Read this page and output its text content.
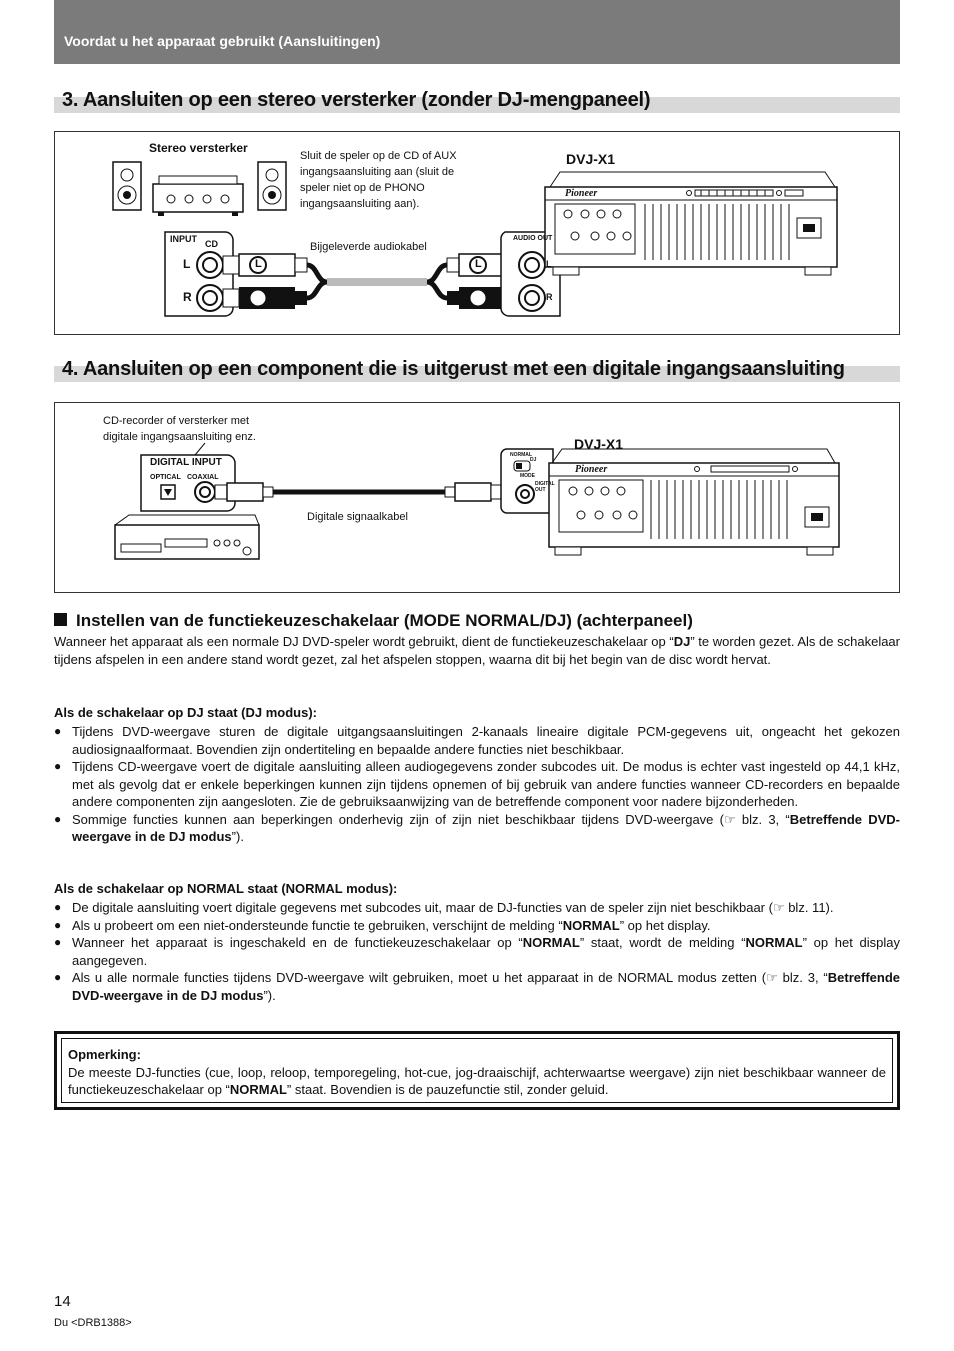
Voordat u het apparaat gebruikt (Aansluitingen)
3. Aansluiten op een stereo versterker (zonder DJ-mengpaneel)
Pioneer
Stereo versterker
Sluit de speler op de CD of AUX
ingangsaansluiting aan (sluit de
speler niet op de PHONO
ingangsaansluiting aan).
DVJ-X1
INPUT CD
L
R
L
R
L
R
Bijgeleverde audiokabel
AUDIO OUT
L
R
4. Aansluiten op een component die is uitgerust met een digitale ingangsaansluiting
Pioneer
CD-recorder of versterker met
digitale ingangsaansluiting enz.	DVJ-X1
DIGITAL INPUT
OPTICAL COAXIAL
Digitale signaalkabel
NORMAL
DJ
MODE
DIGITAL OUT
Instellen van de functiekeuzeschakelaar (MODE NORMAL/DJ) (achterpaneel)
Wanneer het apparaat als een normale DJ DVD-speler wordt gebruikt, dient de functiekeuzeschakelaar op “DJ” te worden gezet. Als de schakelaar tijdens afspelen in een andere stand wordt gezet, zal het afspelen stoppen, waarna dit bij het begin van de disc wordt hervat.
Als de schakelaar op DJ staat (DJ modus):
● Tijdens DVD-weergave sturen de digitale uitgangsaansluitingen 2-kanaals lineaire digitale PCM-gegevens uit, ongeacht het gekozen audiosignaalformaat. Bovendien zijn ondertiteling en bepaalde andere functies niet beschikbaar.
● Tijdens CD-weergave voert de digitale aansluiting alleen audiogegevens zonder subcodes uit. De modus is echter vast ingesteld op 44,1 kHz, met als gevolg dat er enkele beperkingen kunnen zijn tijdens opnemen of bij gebruik van andere functies wanneer CD-recorders en bepaalde andere componenten zijn aangesloten. Zie de gebruiksaanwijzing van de betreffende component voor nadere bijzonderheden.
● Sommige functies kunnen aan beperkingen onderhevig zijn of zijn niet beschikbaar tijdens DVD-weergave (☞ blz. 3, “Betreffende DVD-weergave in de DJ modus”).
Als de schakelaar op NORMAL staat (NORMAL modus):
● De digitale aansluiting voert digitale gegevens met subcodes uit, maar de DJ-functies van de speler zijn niet beschikbaar (☞ blz. 11).
● Als u probeert om een niet-ondersteunde functie te gebruiken, verschijnt de melding “NORMAL” op het display.
● Wanneer het apparaat is ingeschakeld en de functiekeuzeschakelaar op “NORMAL” staat, wordt de melding “NORMAL” op het display aangegeven.
● Als u alle normale functies tijdens DVD-weergave wilt gebruiken, moet u het apparaat in de NORMAL modus zetten (☞ blz. 3, “Betreffende DVD-weergave in de DJ modus”).
Opmerking:
De meeste DJ-functies (cue, loop, reloop, temporegeling, hot-cue, jog-draaischijf, achterwaartse weergave) zijn niet beschikbaar wanneer de functiekeuzeschakelaar op “NORMAL” staat. Bovendien is de pauzefunctie stil, zonder geluid.
14
Du <DRB1388>
